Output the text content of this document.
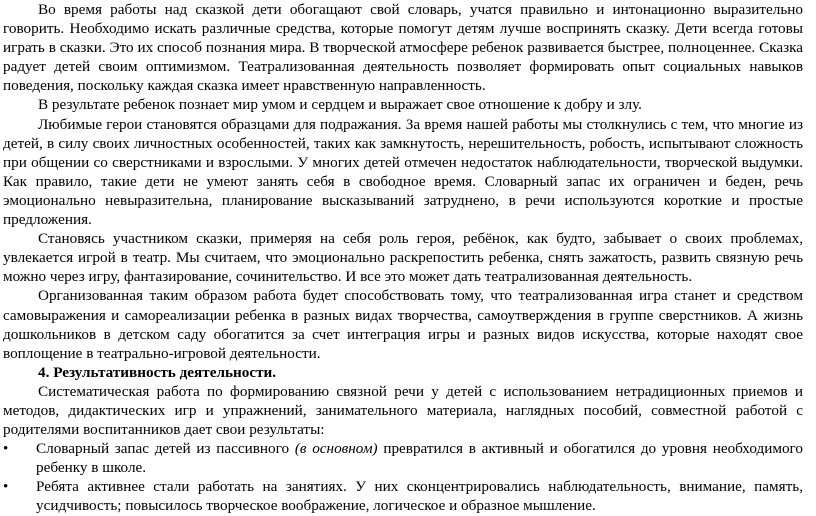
Во время работы над сказкой дети обогащают свой словарь, учатся правильно и интонационно выразительно говорить. Необходимо искать различные средства, которые помогут детям лучше воспринять сказку. Дети всегда готовы играть в сказки. Это их способ познания мира. В творческой атмосфере ребенок развивается быстрее, полноценнее. Сказка радует детей своим оптимизмом. Театрализованная деятельность позволяет формировать опыт социальных навыков поведения, поскольку каждая сказка имеет нравственную направленность.

В результате ребенок познает мир умом и сердцем и выражает свое отношение к добру и злу.

Любимые герои становятся образцами для подражания. За время нашей работы мы столкнулись с тем, что многие из детей, в силу своих личностных особенностей, таких как замкнутость, нерешительность, робость, испытывают сложность при общении со сверстниками и взрослыми. У многих детей отмечен недостаток наблюдательности, творческой выдумки. Как правило, такие дети не умеют занять себя в свободное время. Словарный запас их ограничен и беден, речь эмоционально невыразительна, планирование высказываний затруднено, в речи используются короткие и простые предложения.

Становясь участником сказки, примеряя на себя роль героя, ребёнок, как будто, забывает о своих проблемах, увлекается игрой в театр. Мы считаем, что эмоционально раскрепостить ребенка, снять зажатость, развить связную речь можно через игру, фантазирование, сочинительство. И все это может дать театрализованная деятельность.

Организованная таким образом работа будет способствовать тому, что театрализованная игра станет и средством самовыражения и самореализации ребенка в разных видах творчества, самоутверждения в группе сверстников. А жизнь дошкольников в детском саду обогатится за счет интеграция игры и разных видов искусства, которые находят свое воплощение в театрально-игровой деятельности.

4. Результативность деятельности.

Систематическая работа по формированию связной речи у детей с использованием нетрадиционных приемов и методов, дидактических игр и упражнений, занимательного материала, наглядных пособий, совместной работой с родителями воспитанников дает свои результаты:

•	Словарный запас детей из пассивного (в основном) превратился в активный и обогатился до уровня необходимого ребенку в школе.
•	Ребята активнее стали работать на занятиях. У них сконцентрировались наблюдательность, внимание, память, усидчивость; повысилось творческое воображение, логическое и образное мышление.
